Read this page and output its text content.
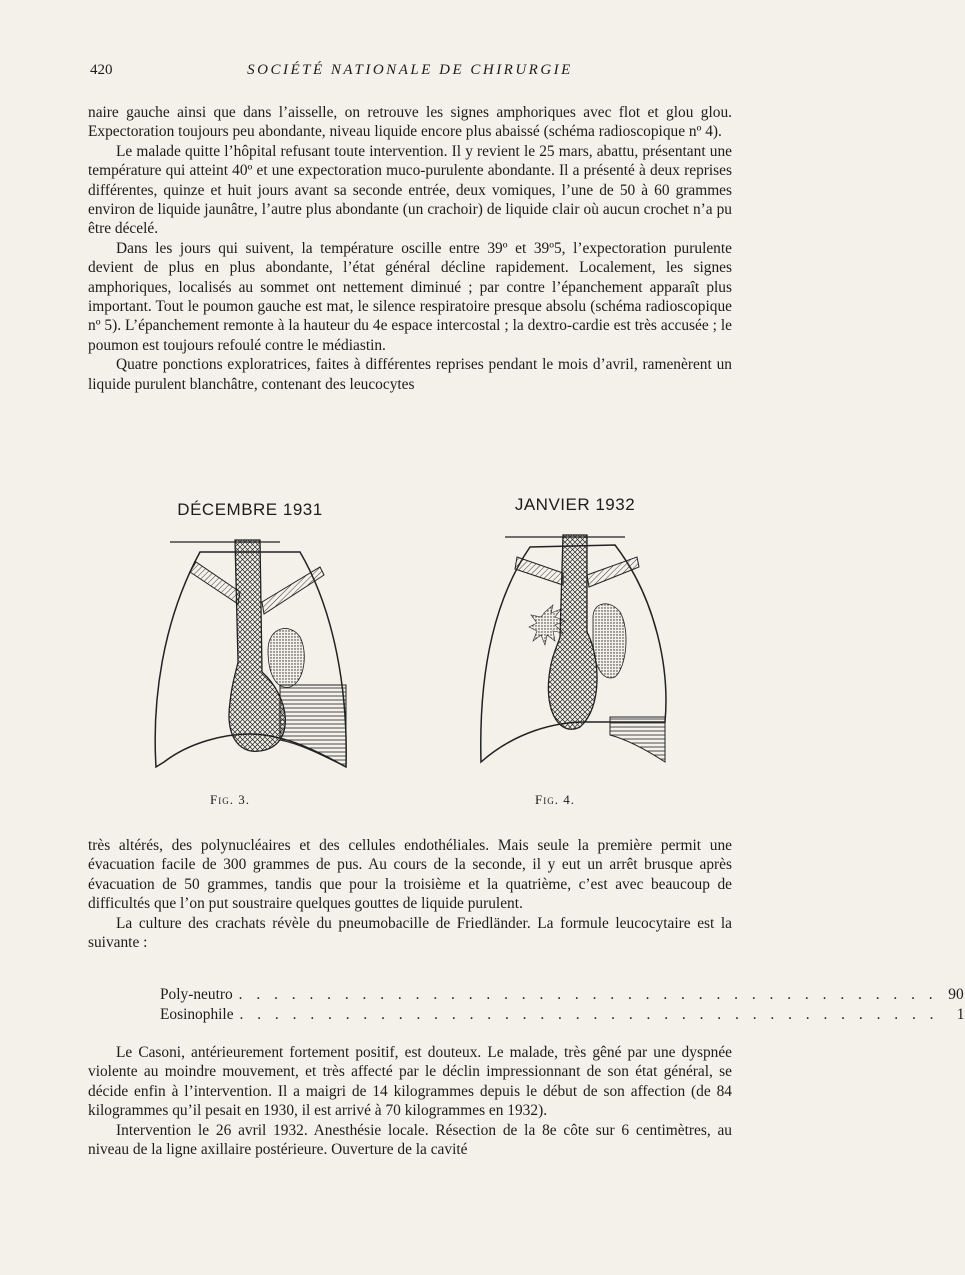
420	SOCIÉTÉ NATIONALE DE CHIRURGIE

naire gauche ainsi que dans l’aisselle, on retrouve les signes amphoriques avec flot et glou glou. Expectoration toujours peu abondante, niveau liquide encore plus abaissé (schéma radioscopique nº 4).

Le malade quitte l’hôpital refusant toute intervention. Il y revient le 25 mars, abattu, présentant une température qui atteint 40º et une expectoration muco-purulente abondante. Il a présenté à deux reprises différentes, quinze et huit jours avant sa seconde entrée, deux vomiques, l’une de 50 à 60 grammes environ de liquide jaunâtre, l’autre plus abondante (un crachoir) de liquide clair où aucun crochet n’a pu être décelé.

Dans les jours qui suivent, la température oscille entre 39º et 39º5, l’expectoration purulente devient de plus en plus abondante, l’état général décline rapidement. Localement, les signes amphoriques, localisés au sommet ont nettement diminué ; par contre l’épanchement apparaît plus important. Tout le poumon gauche est mat, le silence respiratoire presque absolu (schéma radioscopique nº 5). L’épanchement remonte à la hauteur du 4e espace intercostal ; la dextro-cardie est très accusée ; le poumon est toujours refoulé contre le médiastin.

Quatre ponctions exploratrices, faites à différentes reprises pendant le mois d’avril, ramenèrent un liquide purulent blanchâtre, contenant des leucocytes

DÉCEMBRE 1931
Fig. 3.
JANVIER 1932
Fig. 4.

très altérés, des polynucléaires et des cellules endothéliales. Mais seule la première permit une évacuation facile de 300 grammes de pus. Au cours de la seconde, il y eut un arrêt brusque après évacuation de 50 grammes, tandis que pour la troisième et la quatrième, c’est avec beaucoup de difficultés que l’on put soustraire quelques gouttes de liquide purulent.

La culture des crachats révèle du pneumobacille de Friedländer. La formule leucocytaire est la suivante :

Poly-neutro . . . . . . . . . . . . . . . . . . . . . . . . . . . . . . . . . . . . . . . . 90
Eosinophile . . . . . . . . . . . . . . . . . . . . . . . . . . . . . . . . . . . . . . . .	1

Le Casoni, antérieurement fortement positif, est douteux. Le malade, très gêné par une dyspnée violente au moindre mouvement, et très affecté par le déclin impressionnant de son état général, se décide enfin à l’intervention. Il a maigri de 14 kilogrammes depuis le début de son affection (de 84 kilogrammes qu’il pesait en 1930, il est arrivé à 70 kilogrammes en 1932).

Intervention le 26 avril 1932. Anesthésie locale. Résection de la 8e côte sur 6 centimètres, au niveau de la ligne axillaire postérieure. Ouverture de la cavité
